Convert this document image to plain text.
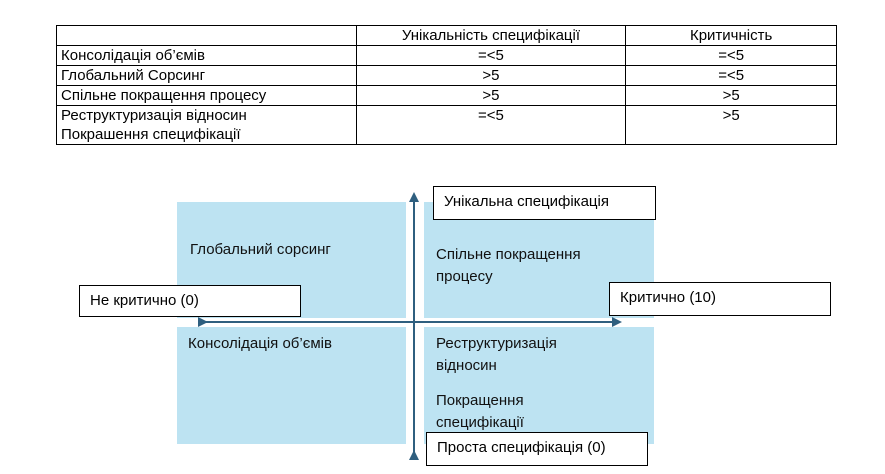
	Унікальність специфікації	Критичність
Консолідація об’ємів	=<5	=<5
Глобальний Сорсинг	>5	=<5
Спільне покращення процесу	>5	>5

Реструктуризація відносин
Покрашення специфікації	=<5	>5
Глобальний сорсинг	Спільне покращення
процесу
Консолідація об’ємів	Реструктуризація
відносин
Покращення
специфікації
Унікальна специфікація
Не критично (0)	Критично (10)
Проста специфікація (0)
